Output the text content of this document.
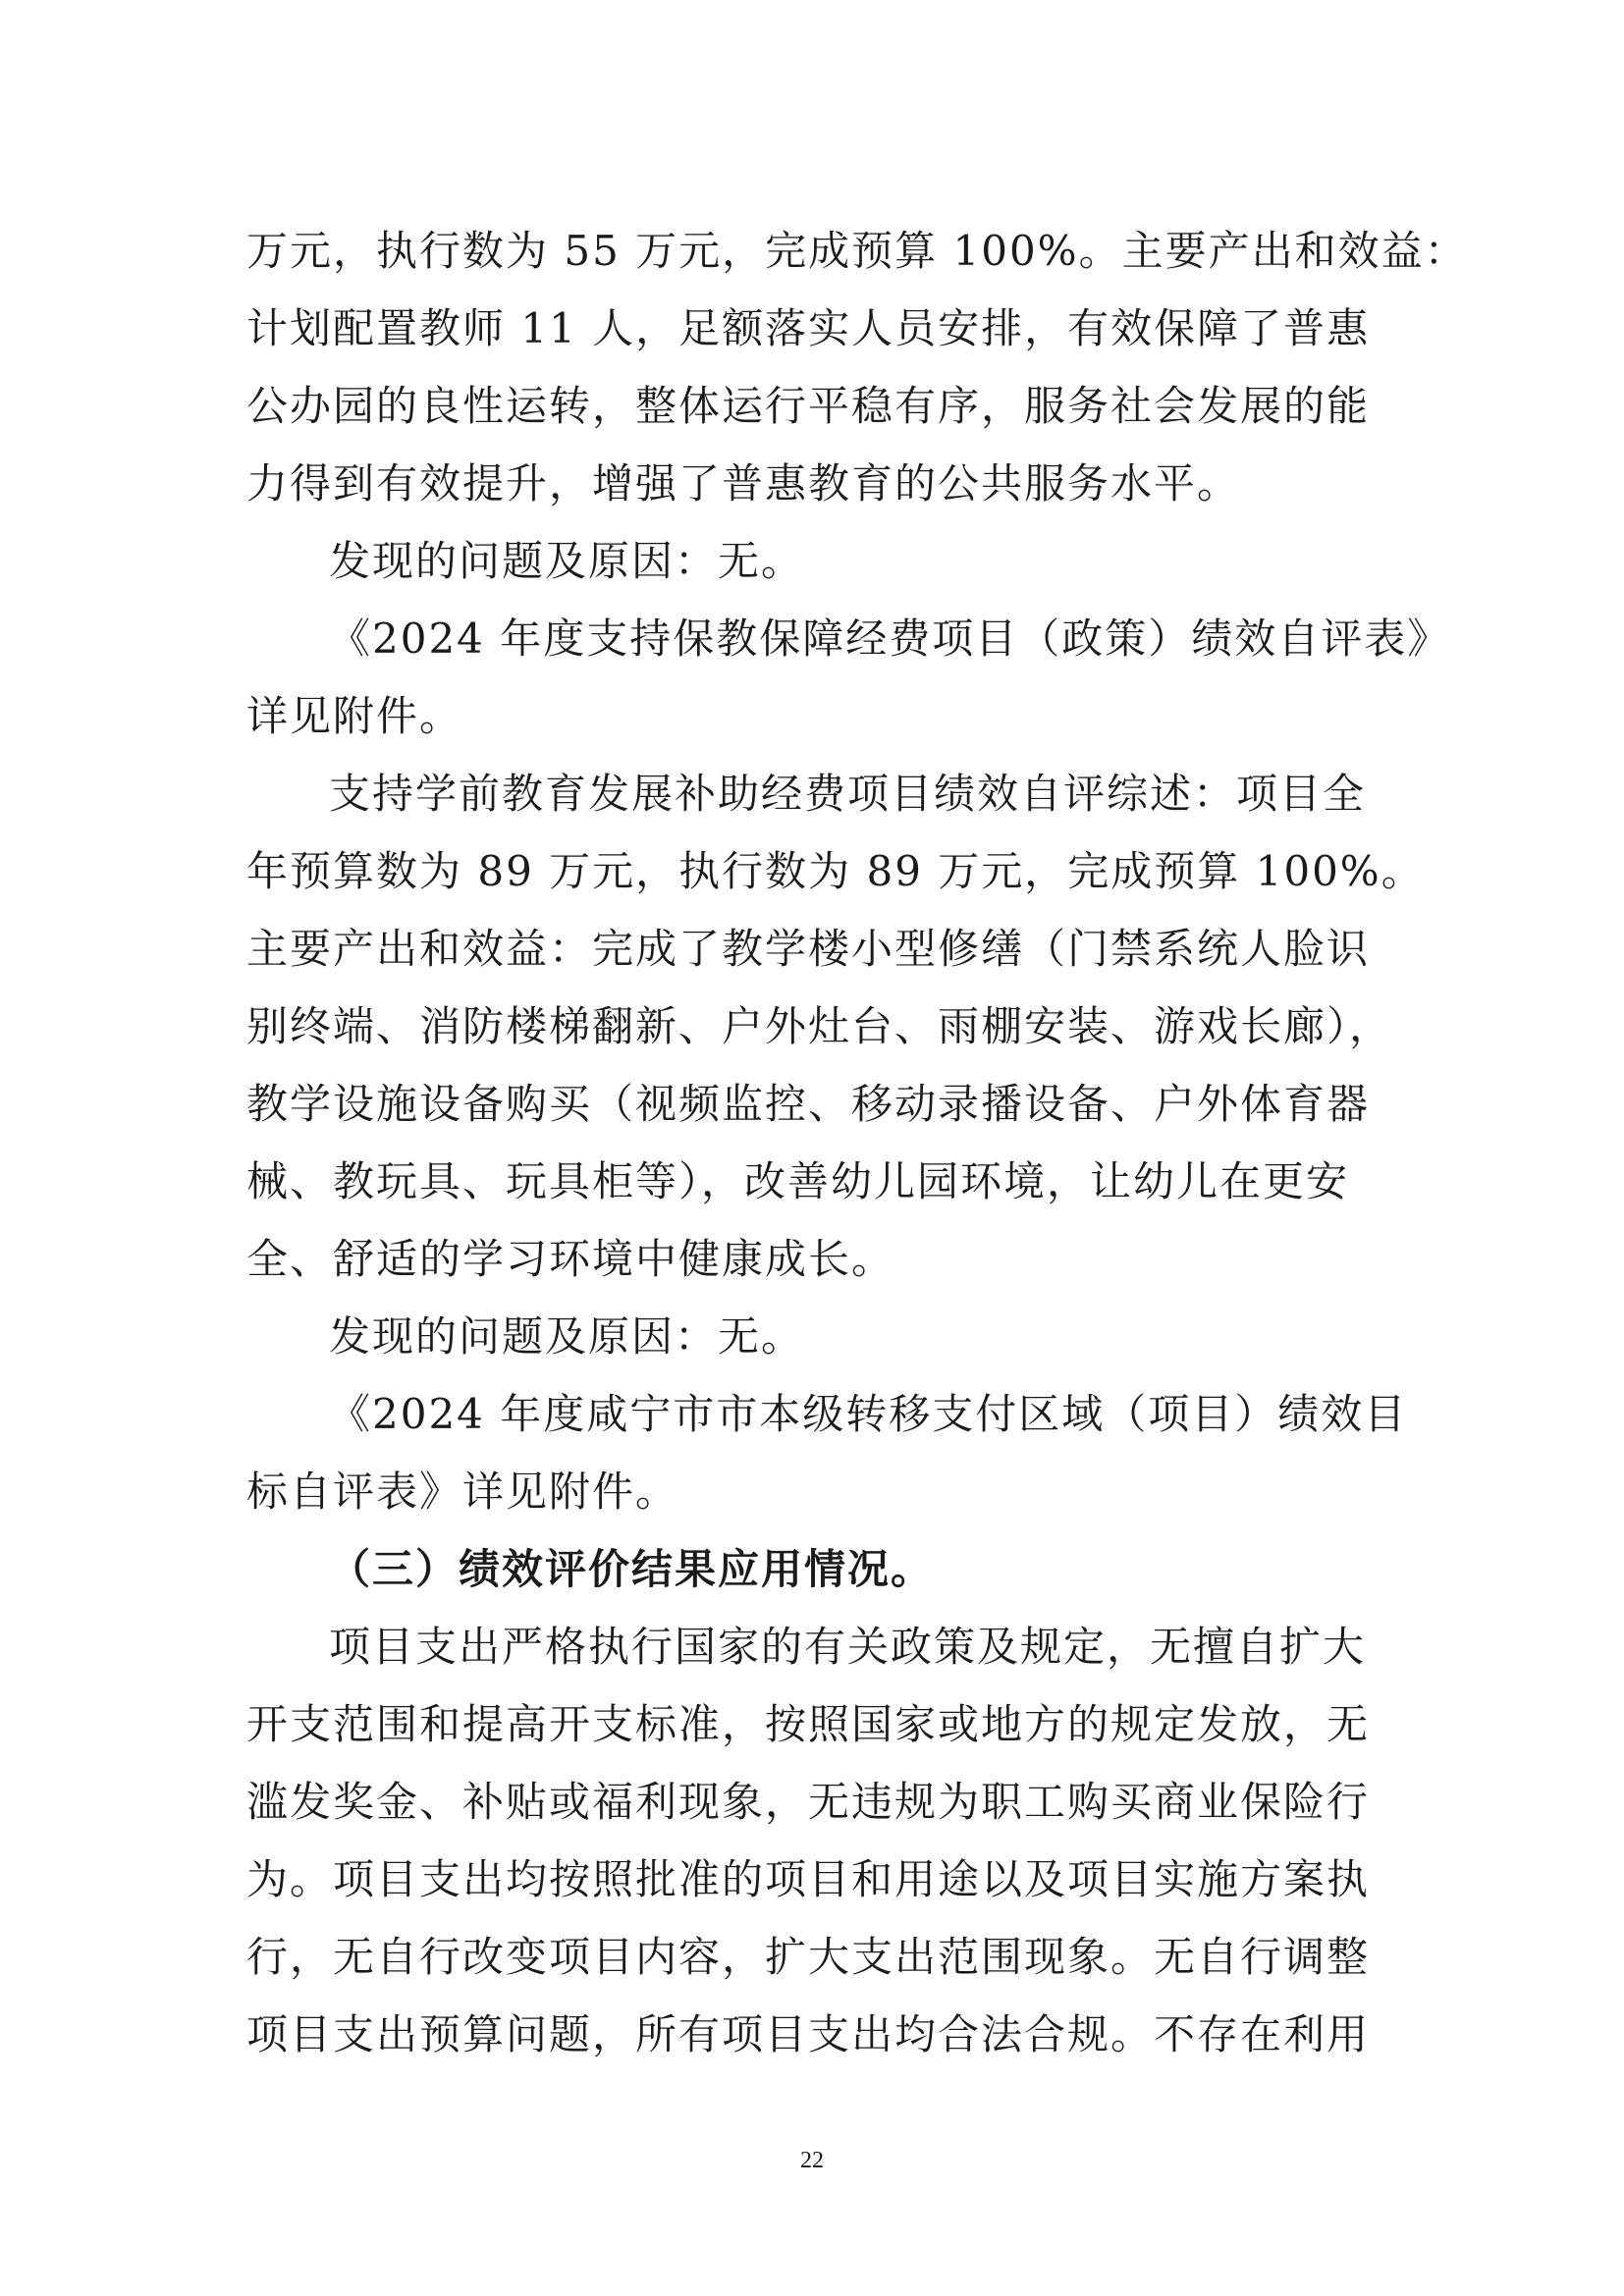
万元，执行数为 55 万元，完成预算 100%。主要产出和效益：
计划配置教师 11 人，足额落实人员安排，有效保障了普惠
公办园的良性运转，整体运行平稳有序，服务社会发展的能
力得到有效提升，增强了普惠教育的公共服务水平。
发现的问题及原因：无。
《2024 年度支持保教保障经费项目（政策）绩效自评表》
详见附件。
支持学前教育发展补助经费项目绩效自评综述：项目全
年预算数为 89 万元，执行数为 89 万元，完成预算 100%。
主要产出和效益：完成了教学楼小型修缮（门禁系统人脸识
别终端、消防楼梯翻新、户外灶台、雨棚安装、游戏长廊），
教学设施设备购买（视频监控、移动录播设备、户外体育器
械、教玩具、玩具柜等），改善幼儿园环境，让幼儿在更安
全、舒适的学习环境中健康成长。
发现的问题及原因：无。
《2024 年度咸宁市市本级转移支付区域（项目）绩效目
标自评表》详见附件。
（三）绩效评价结果应用情况。
项目支出严格执行国家的有关政策及规定，无擅自扩大
开支范围和提高开支标准，按照国家或地方的规定发放，无
滥发奖金、补贴或福利现象，无违规为职工购买商业保险行
为。项目支出均按照批准的项目和用途以及项目实施方案执
行，无自行改变项目内容，扩大支出范围现象。无自行调整
项目支出预算问题，所有项目支出均合法合规。不存在利用
22
